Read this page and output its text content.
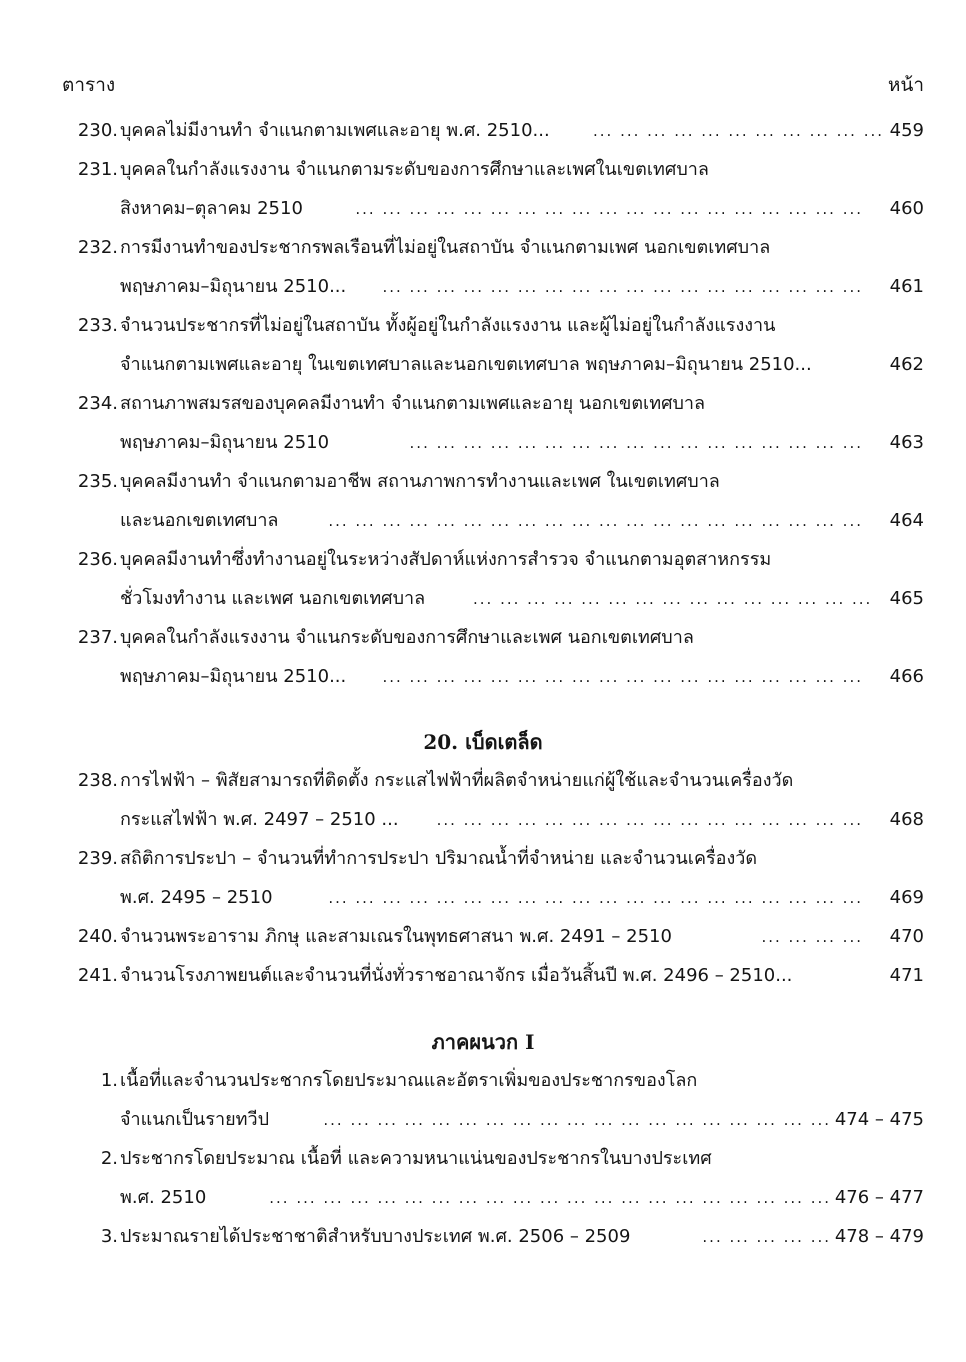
ตาราง	หน้า
230. บุคคลไม่มีงานทำ จำแนกตามเพศและอายุ พ.ศ. 2510...	... ... ... ... ... ... ... ... ... ... ... 459
231. บุคคลในกำลังแรงงาน จำแนกตามระดับของการศึกษาและเพศในเขตเทศบาล
สิงหาคม–ตุลาคม 2510	... ... ... ... ... ... ... ... ... ... ... ... ... ... ... ... ... ... ... 460
232. การมีงานทำของประชากรพลเรือนที่ไม่อยู่ในสถาบัน จำแนกตามเพศ นอกเขตเทศบาล
พฤษภาคม–มิถุนายน 2510...	... ... ... ... ... ... ... ... ... ... ... ... ... ... ... ... ... ... 461
233. จำนวนประชากรที่ไม่อยู่ในสถาบัน ทั้งผู้อยู่ในกำลังแรงงาน และผู้ไม่อยู่ในกำลังแรงงาน
จำแนกตามเพศและอายุ ในเขตเทศบาลและนอกเขตเทศบาล พฤษภาคม–มิถุนายน 2510...	462
234. สถานภาพสมรสของบุคคลมีงานทำ จำแนกตามเพศและอายุ นอกเขตเทศบาล
พฤษภาคม–มิถุนายน 2510	... ... ... ... ... ... ... ... ... ... ... ... ... ... ... ... ... 463
235. บุคคลมีงานทำ จำแนกตามอาชีพ สถานภาพการทำงานและเพศ ในเขตเทศบาล
และนอกเขตเทศบาล	... ... ... ... ... ... ... ... ... ... ... ... ... ... ... ... ... ... ... ... 464
236. บุคคลมีงานทำซึ่งทำงานอยู่ในระหว่างสัปดาห์แห่งการสำรวจ จำแนกตามอุตสาหกรรม
ชั่วโมงทำงาน และเพศ นอกเขตเทศบาล	... ... ... ... ... ... ... ... ... ... ... ... ... ... ... 465
237. บุคคลในกำลังแรงงาน จำแนกระดับของการศึกษาและเพศ นอกเขตเทศบาล
พฤษภาคม–มิถุนายน 2510...	... ... ... ... ... ... ... ... ... ... ... ... ... ... ... ... ... ... 466
20. เบ็ดเตล็ด
238. การไฟฟ้า – พิสัยสามารถที่ติดตั้ง กระแสไฟฟ้าที่ผลิตจำหน่ายแก่ผู้ใช้และจำนวนเครื่องวัด
กระแสไฟฟ้า พ.ศ. 2497 – 2510 ...	... ... ... ... ... ... ... ... ... ... ... ... ... ... ... ... 468
239. สถิติการประปา – จำนวนที่ทำการประปา ปริมาณน้ำที่จำหน่าย และจำนวนเครื่องวัด
พ.ศ. 2495 – 2510	... ... ... ... ... ... ... ... ... ... ... ... ... ... ... ... ... ... ... ... 469
240. จำนวนพระอาราม ภิกษุ และสามเณรในพุทธศาสนา พ.ศ. 2491 – 2510	... ... ... ... 470
241. จำนวนโรงภาพยนต์และจำนวนที่นั่งทั่วราชอาณาจักร เมื่อวันสิ้นปี พ.ศ. 2496 – 2510...	471
ภาคผนวก I
1. เนื้อที่และจำนวนประชากรโดยประมาณและอัตราเพิ่มของประชากรของโลก
จำแนกเป็นรายทวีป	... ... ... ... ... ... ... ... ... ... ... ... ... ... ... ... ... ... ... 474 – 475
2. ประชากรโดยประมาณ เนื้อที่ และความหนาแน่นของประชากรในบางประเทศ
พ.ศ. 2510	... ... ... ... ... ... ... ... ... ... ... ... ... ... ... ... ... ... ... ... ... 476 – 477
3. ประมาณรายได้ประชาชาติสำหรับบางประเทศ พ.ศ. 2506 – 2509	... ... ... ... ... 478 – 479
